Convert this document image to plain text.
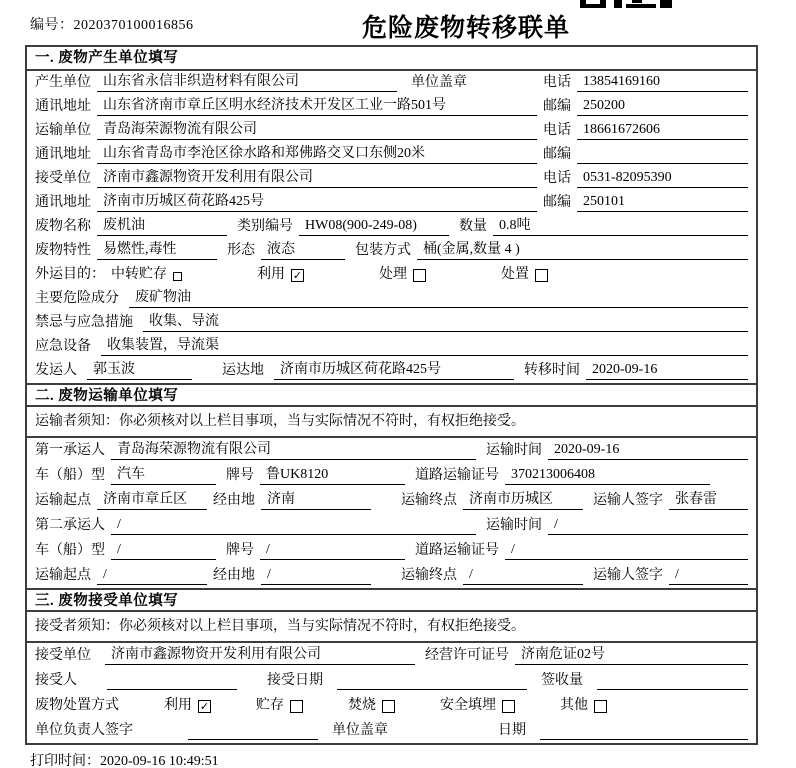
编号：2020370100016856	危险废物转移联单
一. 废物产生单位填写
产生单位 山东省永信非织造材料有限公司	单位盖章	电话 13854169160
通讯地址 山东省济南市章丘区明水经济技术开发区工业一路501号	邮编 250200
运输单位 青岛海荣源物流有限公司	电话 18661672606
通讯地址 山东省青岛市李沧区徐水路和郑佛路交叉口东侧20米	邮编
接受单位 济南市鑫源物资开发利用有限公司	电话 0531-82095390
通讯地址 济南市历城区荷花路425号	邮编 250101
废物名称 废机油	类别编号 HW08(900-249-08)	数量 0.8吨
废物特性 易燃性,毒性	形态 液态	包装方式 桶(金属,数量 4 )
外运目的： 中转贮存	利用 ✓	处理	处置
主要危险成分	废矿物油
禁忌与应急措施	收集、导流
应急设备	收集装置，导流渠
发运人	郭玉波	运达地	济南市历城区荷花路425号	转移时间 2020-09-16
二. 废物运输单位填写
运输者须知：你必须核对以上栏目事项，当与实际情况不符时，有权拒绝接受。
第一承运人 青岛海荣源物流有限公司	运输时间 2020-09-16
车（船）型 汽车	牌号 鲁UK8120	道路运输证号 370213006408
运输起点 济南市章丘区	经由地 济南	运输终点 济南市历城区	运输人签字 张春雷
第二承运人 /	运输时间 /
车（船）型 /	牌号 /	道路运输证号 /
运输起点 /	经由地 /	运输终点 /	运输人签字 /
三. 废物接受单位填写
接受者须知：你必须核对以上栏目事项，当与实际情况不符时，有权拒绝接受。
接受单位	济南市鑫源物资开发利用有限公司	经营许可证号 济南危证02号
接受人	接受日期	签收量
废物处置方式	利用 ✓	贮存	焚烧	安全填埋	其他
单位负责人签字	单位盖章	日期
打印时间：2020-09-16 10:49:51
